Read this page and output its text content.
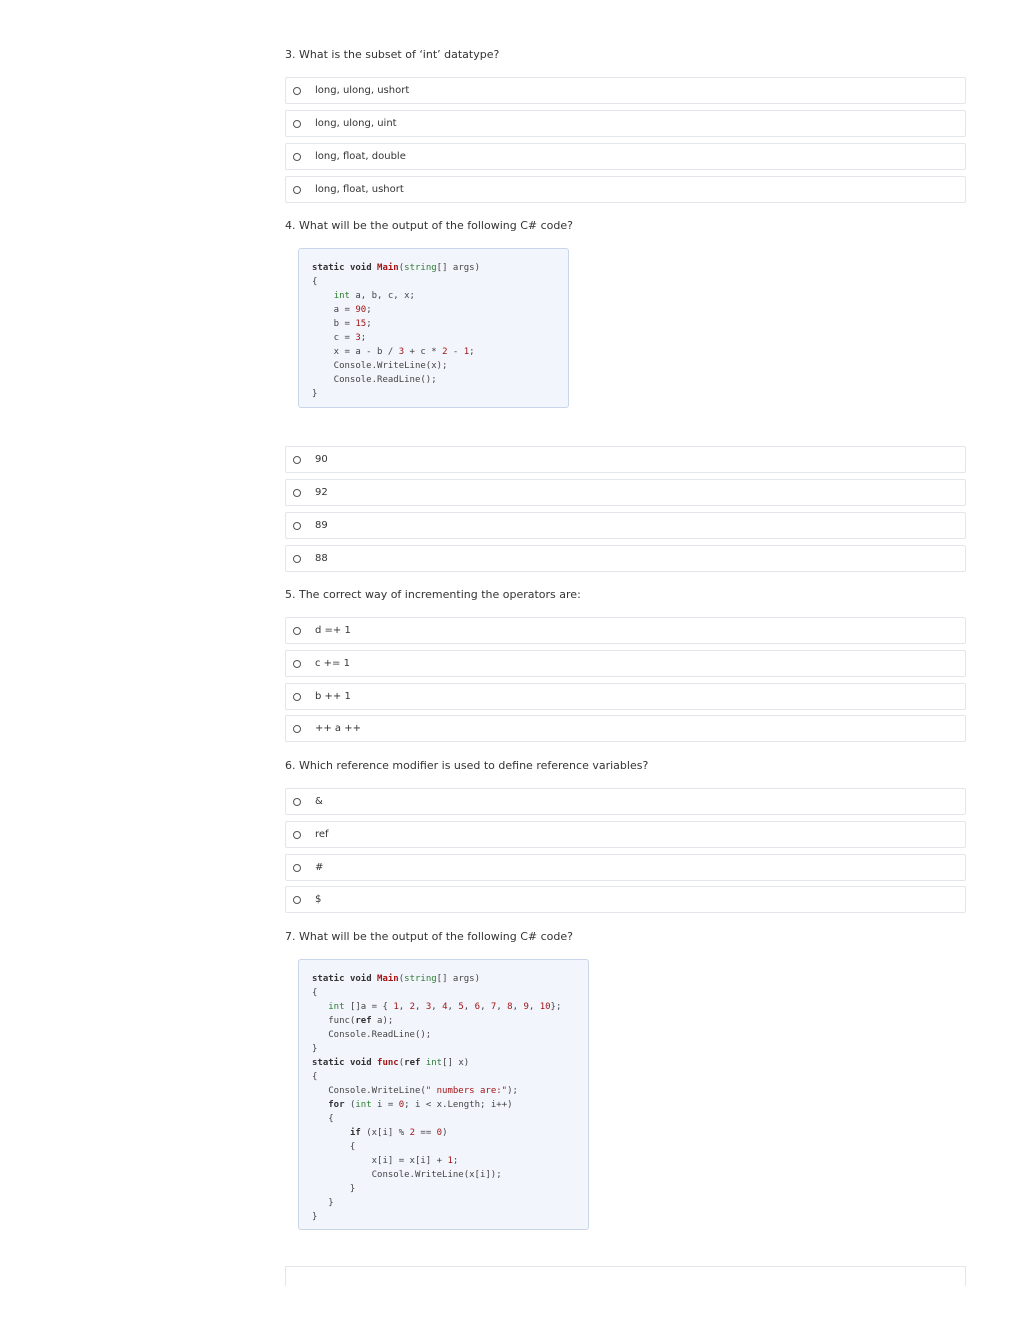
3. What is the subset of ‘int’ datatype?
long, ulong, ushort
long, ulong, uint
long, float, double
long, float, ushort
4. What will be the output of the following C# code?
static void Main(string[] args)
{
int a, b, c, x;
a = 90;
b = 15;
c = 3;
x = a - b / 3 + c * 2 - 1;
Console.WriteLine(x);
Console.ReadLine();
}
90
92
89
88
5. The correct way of incrementing the operators are:
d =+ 1
c += 1
b ++ 1
++ a ++
6. Which reference modifier is used to define reference variables?
&
ref
#
$
7. What will be the output of the following C# code?
static void Main(string[] args)
{
int []a = { 1, 2, 3, 4, 5, 6, 7, 8, 9, 10};
func(ref a);
Console.ReadLine();
}
static void func(ref int[] x)
{
Console.WriteLine(" numbers are:");
for (int i = 0; i < x.Length; i++)
{
if (x[i] % 2 == 0)
{
x[i] = x[i] + 1;
Console.WriteLine(x[i]);
}
}
}
